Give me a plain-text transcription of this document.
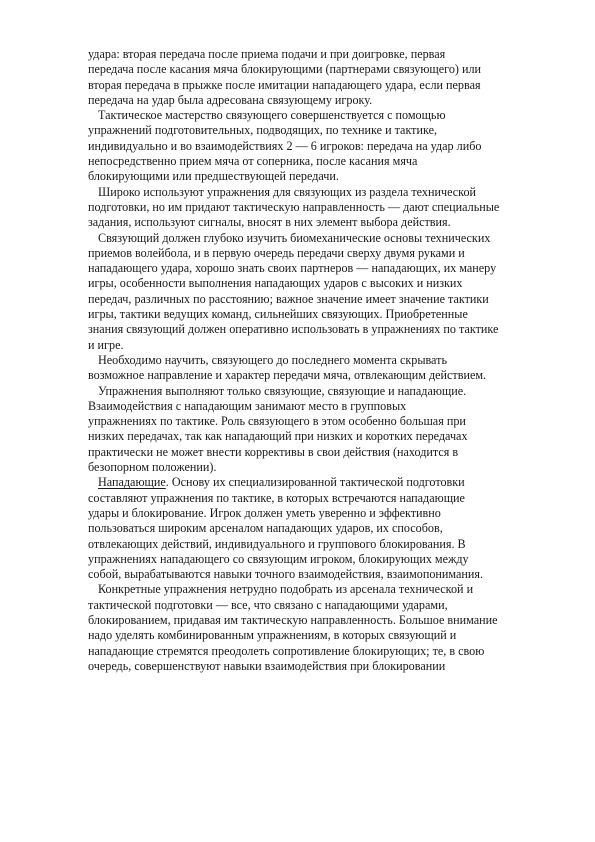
удара: вторая передача после приема подачи и при доигровке, первая
передача после касания мяча блокирующими (партнерами связующего) или
вторая передача в прыжке после имитации нападающего удара, если первая
передача на удар была адресована связующему игроку.
Тактическое мастерство связующего совершенствуется с помощью
упражнений подготовительных, подводящих, по технике и тактике,
индивидуально и во взаимодействиях 2 — 6 игроков: передача на удар либо
непосредственно прием мяча от соперника, после касания мяча
блокирующими или предшествующей передачи.
Широко используют упражнения для связующих из раздела технической
подготовки, но им придают тактическую направленность — дают специальные
задания, используют сигналы, вносят в них элемент выбора действия.
Связующий должен глубоко изучить биомеханические основы технических
приемов волейбола, и в первую очередь передачи сверху двумя руками и
нападающего удара, хорошо знать своих партнеров — нападающих, их манеру
игры, особенности выполнения нападающих ударов с высоких и низких
передач, различных по расстоянию; важное значение имеет значение тактики
игры, тактики ведущих команд, сильнейших связующих. Приобретенные
знания связующий должен оперативно использовать в упражнениях по тактике
и игре.
Необходимо научить, связующего до последнего момента скрывать
возможное направление и характер передачи мяча, отвлекающим действием.
Упражнения выполняют только связующие, связующие и нападающие.
Взаимодействия с нападающим занимают место в групповых
упражнениях по тактике. Роль связующего в этом особенно большая при
низких передачах, так как нападающий при низких и коротких передачах
практически не может внести коррективы в свои действия (находится в
безопорном положении).
Нападающие. Основу их специализированной тактической подготовки
составляют упражнения по тактике, в которых встречаются нападающие
удары и блокирование. Игрок должен уметь уверенно и эффективно
пользоваться широким арсеналом нападающих ударов, их способов,
отвлекающих действий, индивидуального и группового блокирования. В
упражнениях нападающего со связующим игроком, блокирующих между
собой, вырабатываются навыки точного взаимодействия, взаимопонимания.
Конкретные упражнения нетрудно подобрать из арсенала технической и
тактической подготовки — все, что связано с нападающими ударами,
блокированием, придавая им тактическую направленность. Большое внимание
надо уделять комбинированным упражнениям, в которых связующий и
нападающие стремятся преодолеть сопротивление блокирующих; те, в свою
очередь, совершенствуют навыки взаимодействия при блокировании
